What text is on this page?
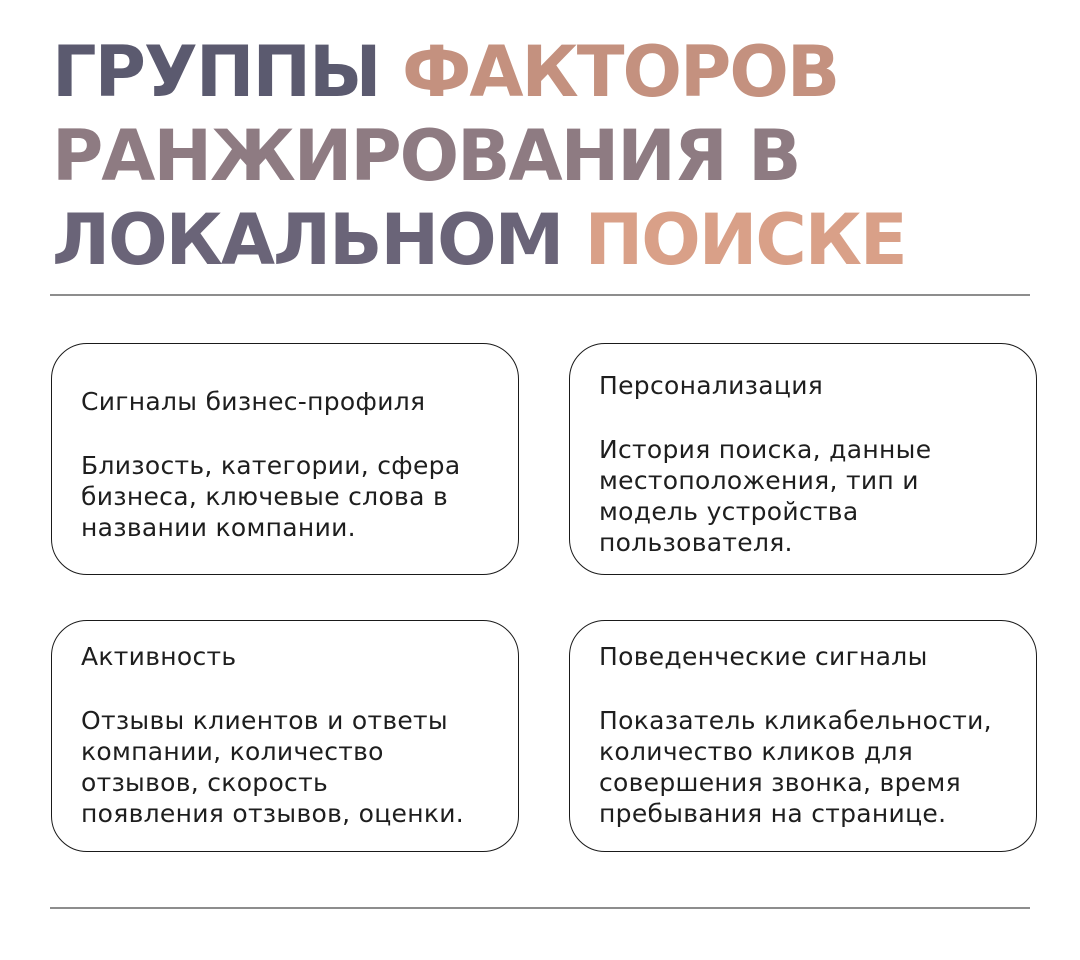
ГРУППЫ ФАКТОРОВ
РАНЖИРОВАНИЯ В
ЛОКАЛЬНОМ ПОИСКЕ
Сигналы бизнес-профиля
Близость, категории, сфера
бизнеса, ключевые слова в
названии компании.
Персонализация
История поиска, данные
местоположения, тип и
модель устройства
пользователя.
Активность
Отзывы клиентов и ответы
компании, количество
отзывов, скорость
появления отзывов, оценки.
Поведенческие сигналы
Показатель кликабельности,
количество кликов для
совершения звонка, время
пребывания на странице.
